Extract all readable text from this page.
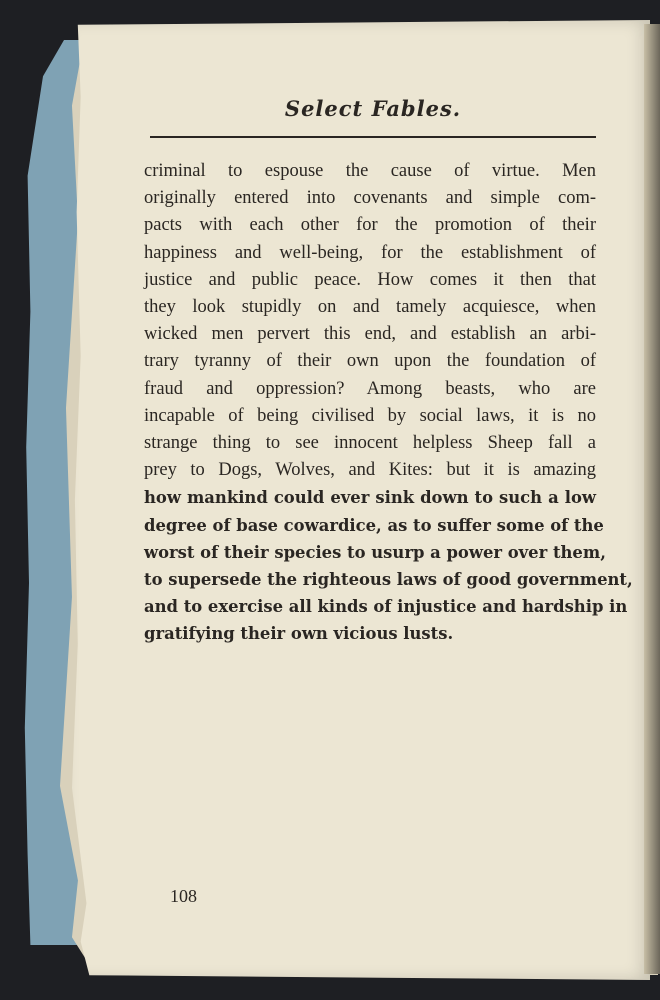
Select Fables.
criminal to espouse the cause of virtue. Men
originally entered into covenants and simple com-
pacts with each other for the promotion of their
happiness and well-being, for the establishment of
justice and public peace. How comes it then that
they look stupidly on and tamely acquiesce, when
wicked men pervert this end, and establish an arbi-
trary tyranny of their own upon the foundation of
fraud and oppression? Among beasts, who are
incapable of being civilised by social laws, it is no
strange thing to see innocent helpless Sheep fall a
prey to Dogs, Wolves, and Kites: but it is amazing
how mankind could ever sink down to such a low
degree of base cowardice, as to suffer some of the
worst of their species to usurp a power over them,
to supersede the righteous laws of good government,
and to exercise all kinds of injustice and hardship in
gratifying their own vicious lusts.
108
